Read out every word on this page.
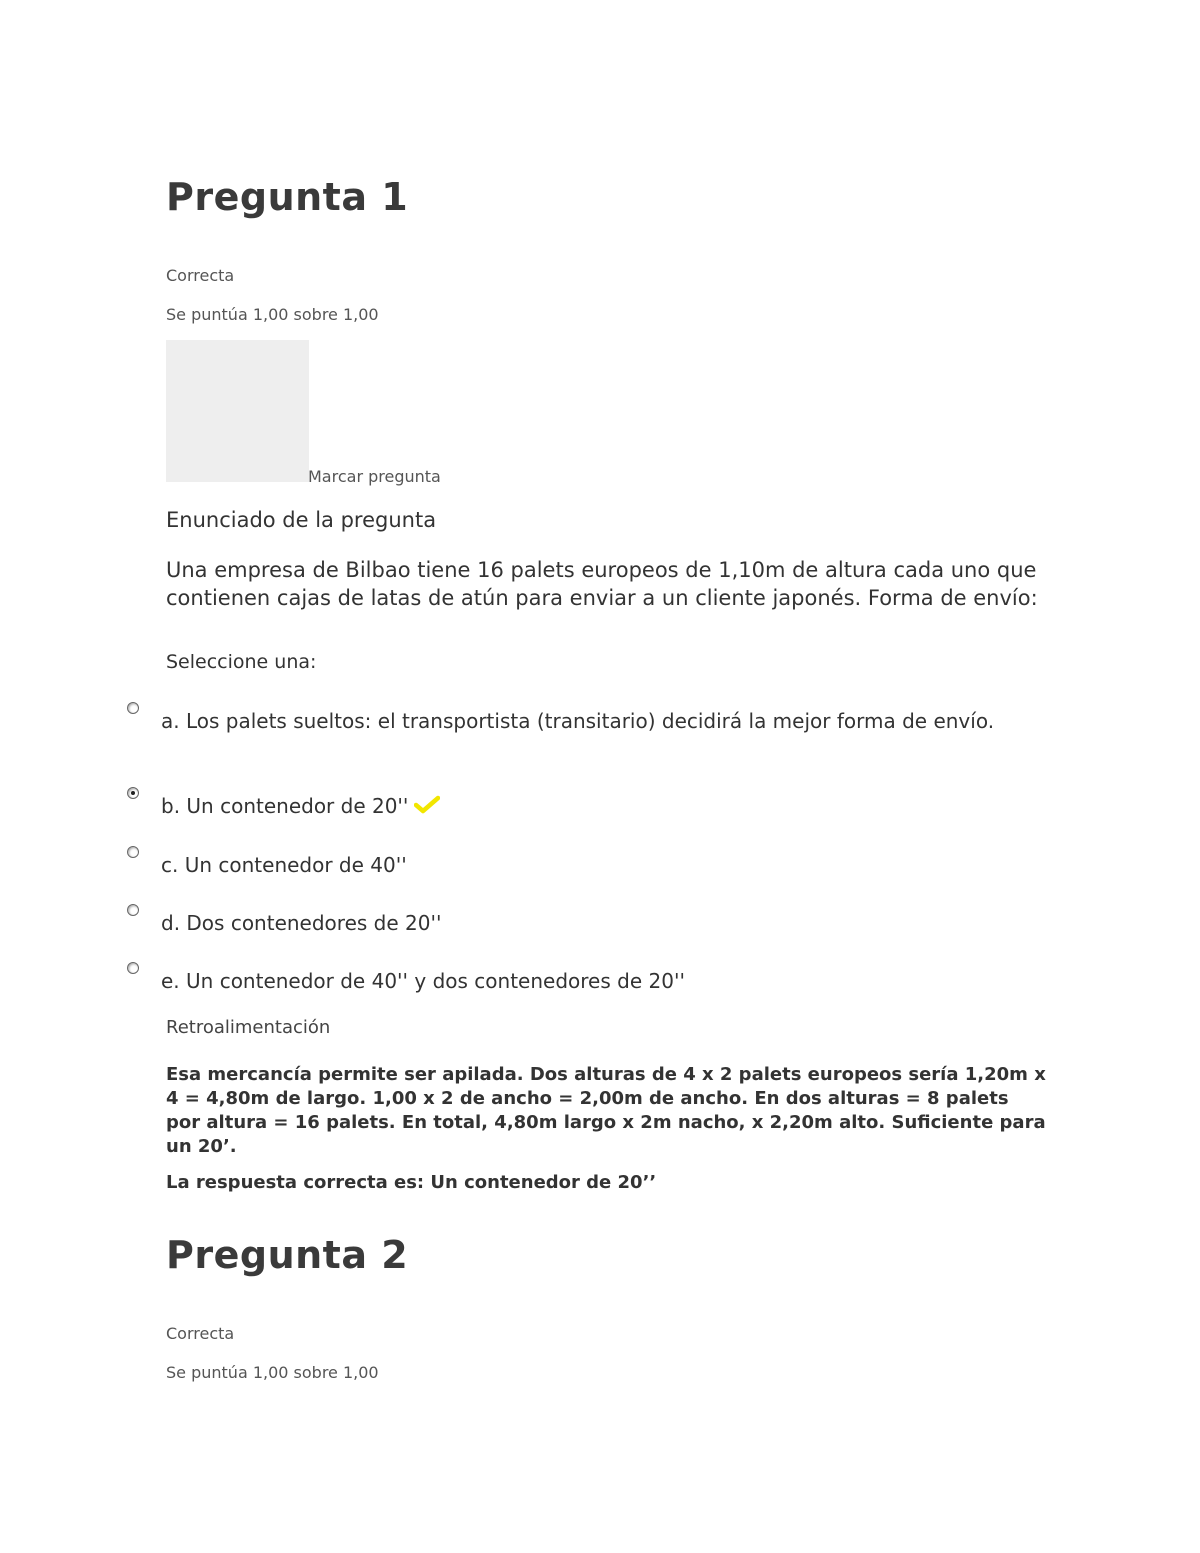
Pregunta 1
Correcta
Se puntúa 1,00 sobre 1,00
Marcar pregunta
Enunciado de la pregunta
Una empresa de Bilbao tiene 16 palets europeos de 1,10m de altura cada uno que contienen cajas de latas de atún para enviar a un cliente japonés. Forma de envío:
Seleccione una:
a. Los palets sueltos: el transportista (transitario) decidirá la mejor forma de envío.
b. Un contenedor de 20''
c. Un contenedor de 40''
d. Dos contenedores de 20''
e. Un contenedor de 40'' y dos contenedores de 20''
Retroalimentación
Esa mercancía permite ser apilada. Dos alturas de 4 x 2 palets europeos sería 1,20m x 4 = 4,80m de largo. 1,00 x 2 de ancho = 2,00m de ancho. En dos alturas = 8 palets por altura = 16 palets. En total, 4,80m largo x 2m nacho, x 2,20m alto. Suficiente para un 20’.
La respuesta correcta es: Un contenedor de 20’’
Pregunta 2
Correcta
Se puntúa 1,00 sobre 1,00
